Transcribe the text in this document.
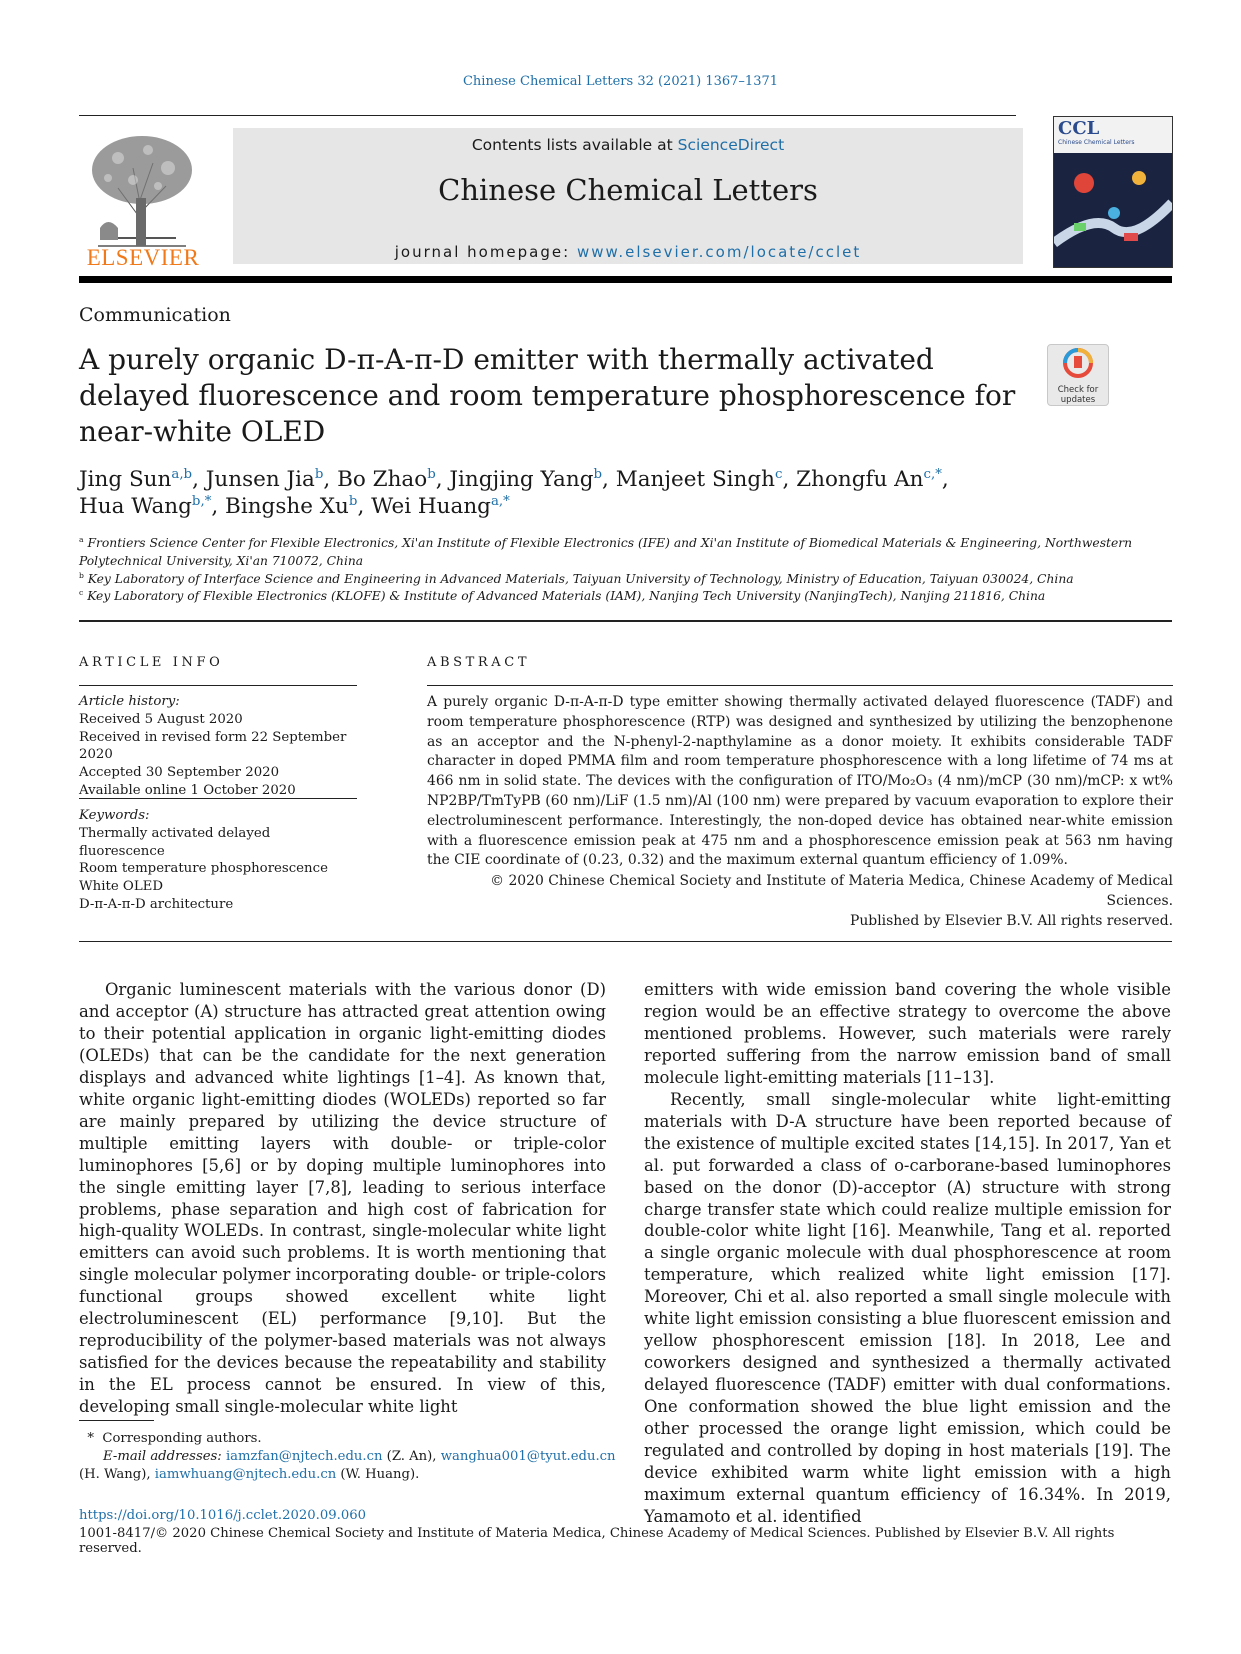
Chinese Chemical Letters 32 (2021) 1367–1371
ELSEVIER
Contents lists available at ScienceDirect
Chinese Chemical Letters
journal homepage: www.elsevier.com/locate/cclet
CCL
Chinese Chemical Letters
Communication
A purely organic D-π-A-π-D emitter with thermally activated delayed fluorescence and room temperature phosphorescence for near-white OLED
Check for
updates
Jing Sun$^{a,b}$, Junsen Jia$^b$, Bo Zhao$^b$, Jingjing Yang$^b$, Manjeet Singh$^c$, Zhongfu $An^{c,*}$,
Hua Wang$^{b,*}$, Bingshe Xu$^b$, Wei Huang$^{a,*}$
$^a$ Frontiers Science Center for Flexible Electronics, Xi'an Institute of Flexible Electronics (IFE) and Xi'an Institute of Biomedical Materials & Engineering, Northwestern Polytechnical University, Xi'an 710072, China
$^b$ Key Laboratory of Interface Science and Engineering in Advanced Materials, Taiyuan University of Technology, Ministry of Education, Taiyuan 030024, China
$^c$ Key Laboratory of Flexible Electronics (KLOFE) & Institute of Advanced Materials (IAM), Nanjing Tech University (NanjingTech), Nanjing 211816, China
ARTICLE INFO
Article history:
Received 5 August 2020
Received in revised form 22 September 2020
Accepted 30 September 2020
Available online 1 October 2020
Keywords:
Thermally activated delayed fluorescence
Room temperature phosphorescence
White OLED
D-π-A-π-D architecture
ABSTRACT
A purely organic D-π-A-π-D type emitter showing thermally activated delayed fluorescence (TADF) and room temperature phosphorescence (RTP) was designed and synthesized by utilizing the benzophenone as an acceptor and the N-phenyl-2-napthylamine as a donor moiety. It exhibits considerable TADF character in doped PMMA film and room temperature phosphorescence with a long lifetime of 74 ms at 466 nm in solid state. The devices with the configuration of ITO/Mo₂O₃ (4 nm)/mCP (30 nm)/mCP: x wt% NP2BP/TmTyPB (60 nm)/LiF (1.5 nm)/Al (100 nm) were prepared by vacuum evaporation to explore their electroluminescent performance. Interestingly, the non-doped device has obtained near-white emission with a fluorescence emission peak at 475 nm and a phosphorescence emission peak at 563 nm having the CIE coordinate of (0.23, 0.32) and the maximum external quantum efficiency of 1.09%.
© 2020 Chinese Chemical Society and Institute of Materia Medica, Chinese Academy of Medical Sciences.
Published by Elsevier B.V. All rights reserved.

Organic luminescent materials with the various donor (D) and acceptor (A) structure has attracted great attention owing to their potential application in organic light-emitting diodes (OLEDs) that can be the candidate for the next generation displays and advanced white lightings [1–4]. As known that, white organic light-emitting diodes (WOLEDs) reported so far are mainly prepared by utilizing the device structure of multiple emitting layers with double- or triple-color luminophores [5,6] or by doping multiple luminophores into the single emitting layer [7,8], leading to serious interface problems, phase separation and high cost of fabrication for high-quality WOLEDs. In contrast, single-molecular white light emitters can avoid such problems. It is worth mentioning that single molecular polymer incorporating double- or triple-colors functional groups showed excellent white light electroluminescent (EL) performance [9,10]. But the reproducibility of the polymer-based materials was not always satisfied for the devices because the repeatability and stability in the EL process cannot be ensured. In view of this, developing small single-molecular white light

emitters with wide emission band covering the whole visible region would be an effective strategy to overcome the above mentioned problems. However, such materials were rarely reported suffering from the narrow emission band of small molecule light-emitting materials [11–13].

Recently, small single-molecular white light-emitting materials with D-A structure have been reported because of the existence of multiple excited states [14,15]. In 2017, Yan et al. put forwarded a class of o-carborane-based luminophores based on the donor (D)-acceptor (A) structure with strong charge transfer state which could realize multiple emission for double-color white light [16]. Meanwhile, Tang et al. reported a single organic molecule with dual phosphorescence at room temperature, which realized white light emission [17]. Moreover, Chi et al. also reported a small single molecule with white light emission consisting a blue fluorescent emission and yellow phosphorescent emission [18]. In 2018, Lee and coworkers designed and synthesized a thermally activated delayed fluorescence (TADF) emitter with dual conformations. One conformation showed the blue light emission and the other processed the orange light emission, which could be regulated and controlled by doping in host materials [19]. The device exhibited warm white light emission with a high maximum external quantum efficiency of 16.34%. In 2019, Yamamoto et al. identified

* Corresponding authors.
E-mail addresses: iamzfan@njtech.edu.cn (Z. An), wanghua001@tyut.edu.cn
(H. Wang), iamwhuang@njtech.edu.cn (W. Huang).
https://doi.org/10.1016/j.cclet.2020.09.060
1001-8417/© 2020 Chinese Chemical Society and Institute of Materia Medica, Chinese Academy of Medical Sciences. Published by Elsevier B.V. All rights reserved.
